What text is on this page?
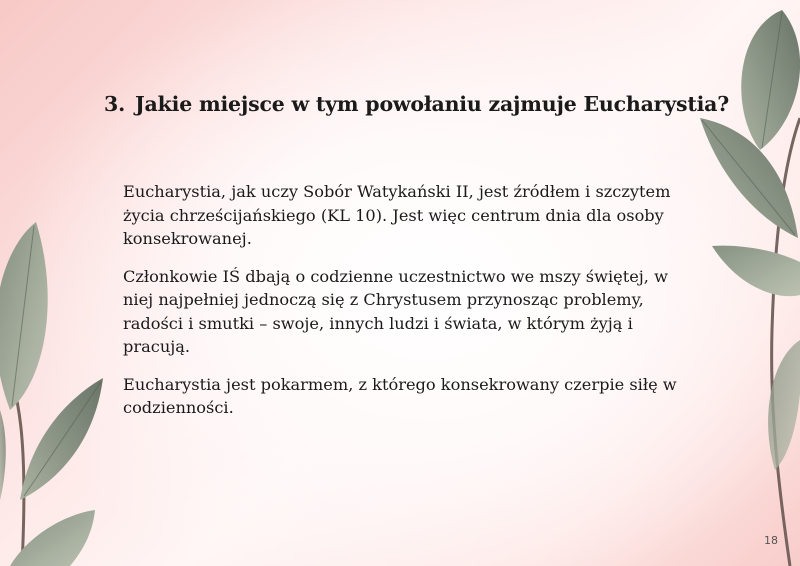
3. Jakie miejsce w tym powołaniu zajmuje Eucharystia?

Eucharystia, jak uczy Sobór Watykański II, jest źródłem i szczytem życia chrześcijańskiego (KL 10). Jest więc centrum dnia dla osoby konsekrowanej.

Członkowie IŚ dbają o codzienne uczestnictwo we mszy świętej, w niej najpełniej jednoczą się z Chrystusem przynosząc problemy, radości i smutki – swoje, innych ludzi i świata, w którym żyją i pracują.

Eucharystia jest pokarmem, z którego konsekrowany czerpie siłę w codzienności.

18
